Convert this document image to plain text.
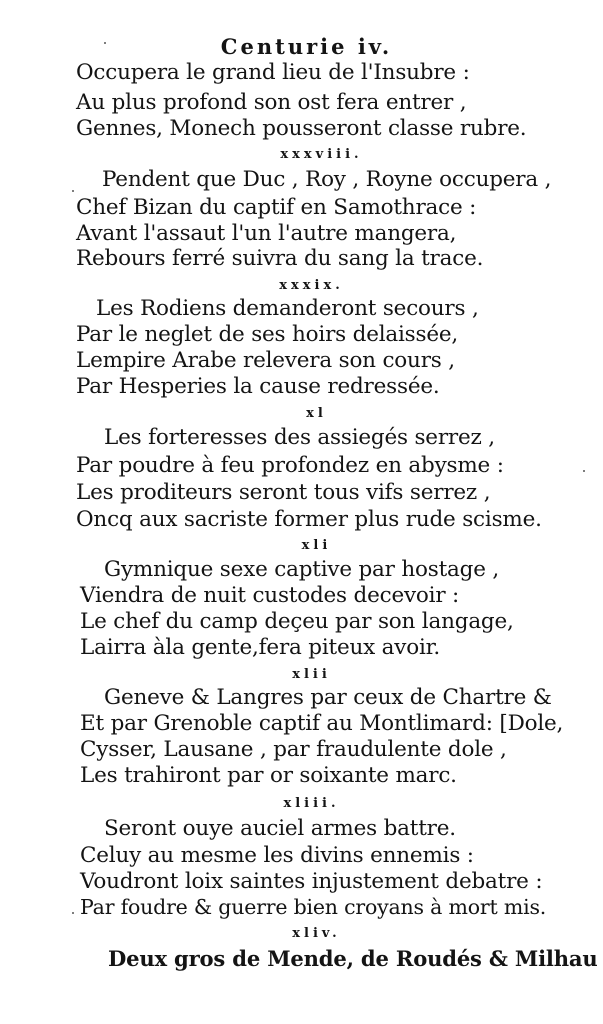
Centurie iv.
Occupera le grand lieu de l'Insubre :
Au plus profond son ost fera entrer ,
Gennes, Monech pousseront classe rubre.
xxxviii.
Pendent que Duc , Roy , Royne occupera ,
Chef Bizan du captif en Samothrace :
Avant l'assaut l'un l'autre mangera,
Rebours ferré suivra du sang la trace.
xxxix.
Les Rodiens demanderont secours ,
Par le neglet de ses hoirs delaissée,
Lempire Arabe relevera son cours ,
Par Hesperies la cause redressée.
xl
Les forteresses des assiegés serrez ,
Par poudre à feu profondez en abysme :
Les proditeurs seront tous vifs serrez ,
Oncq aux sacriste former plus rude scisme.
xli
Gymnique sexe captive par hostage ,
Viendra de nuit custodes decevoir :
Le chef du camp deçeu par son langage,
Lairra àla gente,fera piteux avoir.
xlii
Geneve & Langres par ceux de Chartre &
Et par Grenoble captif au Montlimard: [Dole,
Cysser, Lausane , par fraudulente dole ,
Les trahiront par or soixante marc.
xliii.
Seront ouye auciel armes battre.
Celuy au mesme les divins ennemis :
Voudront loix saintes injustement debatre :
Par foudre & guerre bien croyans à mort mis.
xliv.
Deux gros de Mende, de Roudés & Milhau
